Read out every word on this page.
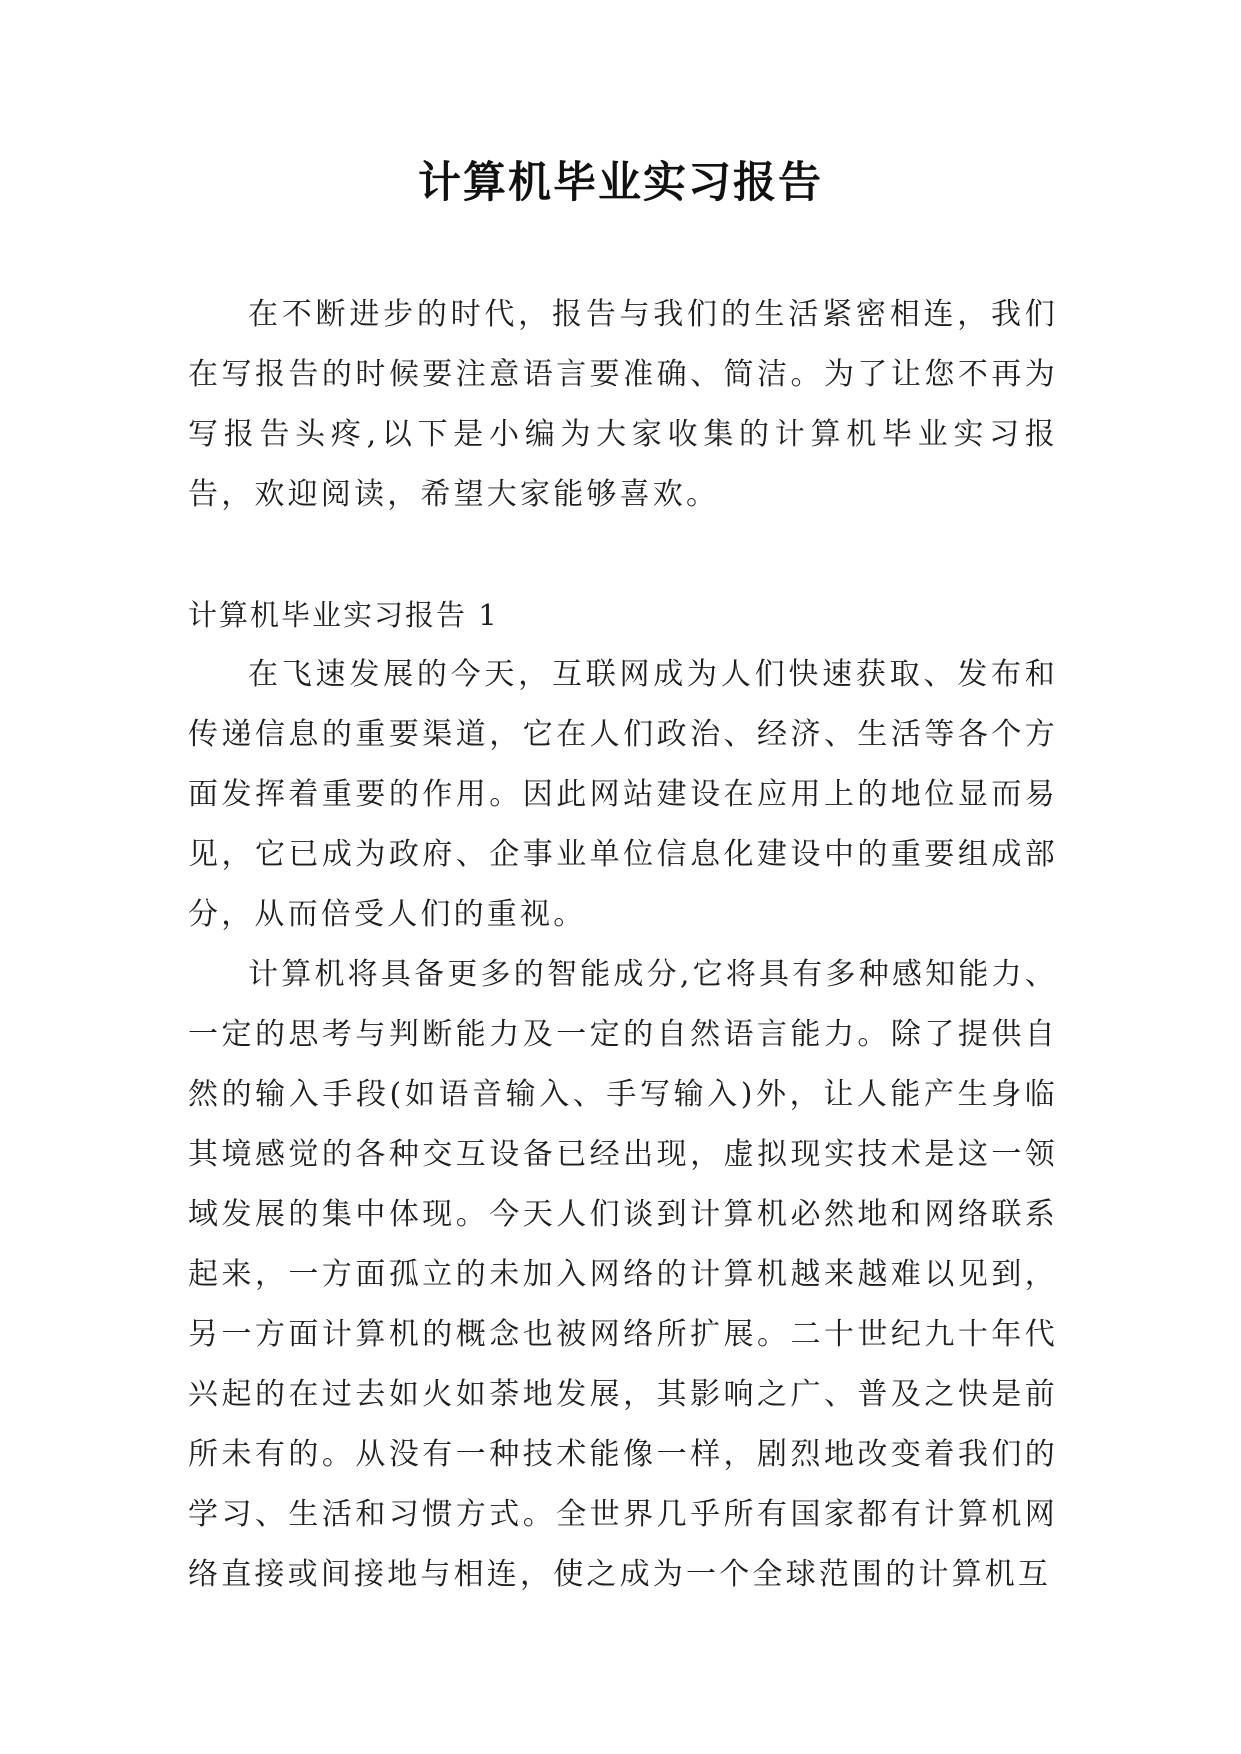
计算机毕业实习报告

在不断进步的时代，报告与我们的生活紧密相连，我们在写报告的时候要注意语言要准确、简洁。为了让您不再为写报告头疼,以下是小编为大家收集的计算机毕业实习报告，欢迎阅读，希望大家能够喜欢。

计算机毕业实习报告 1

在飞速发展的今天，互联网成为人们快速获取、发布和传递信息的重要渠道，它在人们政治、经济、生活等各个方面发挥着重要的作用。因此网站建设在应用上的地位显而易见，它已成为政府、企事业单位信息化建设中的重要组成部分，从而倍受人们的重视。

计算机将具备更多的智能成分,它将具有多种感知能力、一定的思考与判断能力及一定的自然语言能力。除了提供自然的输入手段(如语音输入、手写输入)外，让人能产生身临其境感觉的各种交互设备已经出现，虚拟现实技术是这一领域发展的集中体现。今天人们谈到计算机必然地和网络联系起来，一方面孤立的未加入网络的计算机越来越难以见到，另一方面计算机的概念也被网络所扩展。二十世纪九十年代兴起的在过去如火如荼地发展，其影响之广、普及之快是前所未有的。从没有一种技术能像一样，剧烈地改变着我们的学习、生活和习惯方式。全世界几乎所有国家都有计算机网络直接或间接地与相连，使之成为一个全球范围的计算机互
